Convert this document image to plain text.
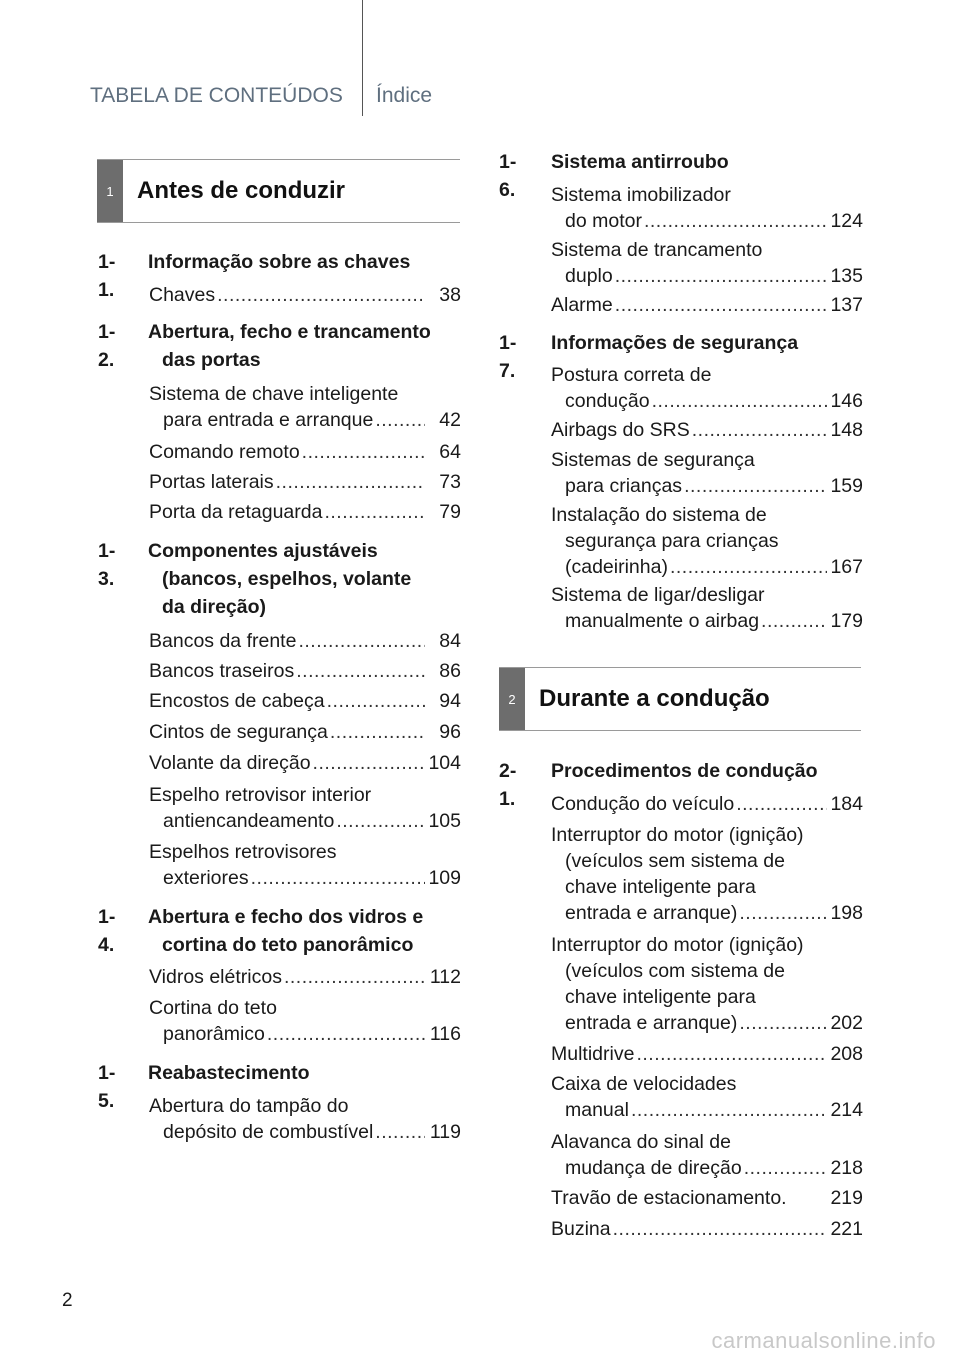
TABELA DE CONTEÚDOS Índice
1 Antes de conduzir
1-1.
Informação sobre as chaves
Chaves .....	38
1-2.
Abertura, fecho e trancamento
das portas
Sistema de chave inteligente
para entrada e arranque .....	42
Comando remoto .....	64
Portas laterais .....	73
Porta da retaguarda .....	79
1-3.
Componentes ajustáveis
(bancos, espelhos, volante
da direção)
Bancos da frente .....	84
Bancos traseiros .....	86
Encostos de cabeça .....	94
Cintos de segurança .....	96
Volante da direção .....	104
Espelho retrovisor interior
antiencandeamento .....	105
Espelhos retrovisores
exteriores .....	109
1-4.
Abertura e fecho dos vidros e
cortina do teto panorâmico
Vidros elétricos .....	112
Cortina do teto
panorâmico .....	116
1-5.
Reabastecimento
Abertura do tampão do
depósito de combustível .....	119
1-6.
Sistema antirroubo
Sistema imobilizador
do motor .....	124
Sistema de trancamento
duplo .....	135
Alarme .....	137
1-7.
Informações de segurança
Postura correta de
condução .....	146
Airbags do SRS .....	148
Sistemas de segurança
para crianças .....	159
Instalação do sistema de
segurança para crianças
(cadeirinha) .....	167
Sistema de ligar/desligar
manualmente o airbag .....	179
2 Durante a condução
2-1.
Procedimentos de condução
Condução do veículo .....	184
Interruptor do motor (ignição)
(veículos sem sistema de
chave inteligente para
entrada e arranque) .....	198
Interruptor do motor (ignição)
(veículos com sistema de
chave inteligente para
entrada e arranque) .....	202
Multidrive .....	208
Caixa de velocidades
manual .....	214
Alavanca do sinal de
mudança de direção .....	218
Travão de estacionamento. 219
Buzina .....	221
2
carmanualsonline.info
